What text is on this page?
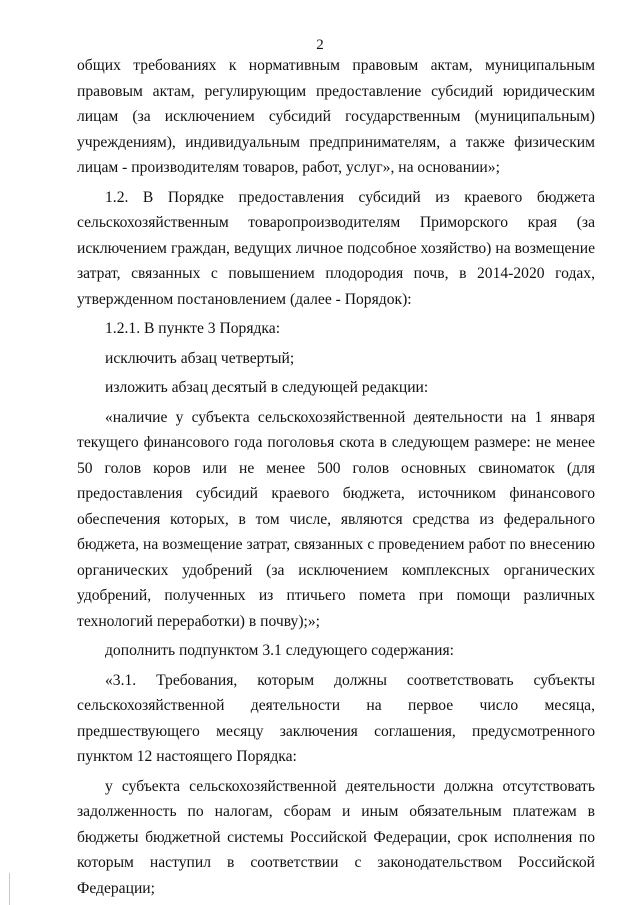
2

общих требованиях к нормативным правовым актам, муниципальным правовым актам, регулирующим предоставление субсидий юридическим лицам (за исключением субсидий государственным (муниципальным) учреждениям), индивидуальным предпринимателям, а также физическим лицам - производителям товаров, работ, услуг», на основании»;

1.2. В Порядке предоставления субсидий из краевого бюджета сельскохозяйственным товаропроизводителям Приморского края (за исключением граждан, ведущих личное подсобное хозяйство) на возмещение затрат, связанных с повышением плодородия почв, в 2014-2020 годах, утвержденном постановлением (далее - Порядок):

1.2.1. В пункте 3 Порядка:

исключить абзац четвертый;

изложить абзац десятый в следующей редакции:

«наличие у субъекта сельскохозяйственной деятельности на 1 января текущего финансового года поголовья скота в следующем размере: не менее 50 голов коров или не менее 500 голов основных свиноматок (для предоставления субсидий краевого бюджета, источником финансового обеспечения которых, в том числе, являются средства из федерального бюджета, на возмещение затрат, связанных с проведением работ по внесению органических удобрений (за исключением комплексных органических удобрений, полученных из птичьего помета при помощи различных технологий переработки) в почву);»;

дополнить подпунктом 3.1 следующего содержания:

«3.1. Требования, которым должны соответствовать субъекты сельскохозяйственной деятельности на первое число месяца, предшествующего месяцу заключения соглашения, предусмотренного пунктом 12 настоящего Порядка:

у субъекта сельскохозяйственной деятельности должна отсутствовать задолженность по налогам, сборам и иным обязательным платежам в бюджеты бюджетной системы Российской Федерации, срок исполнения по которым наступил в соответствии с законодательством Российской Федерации;
